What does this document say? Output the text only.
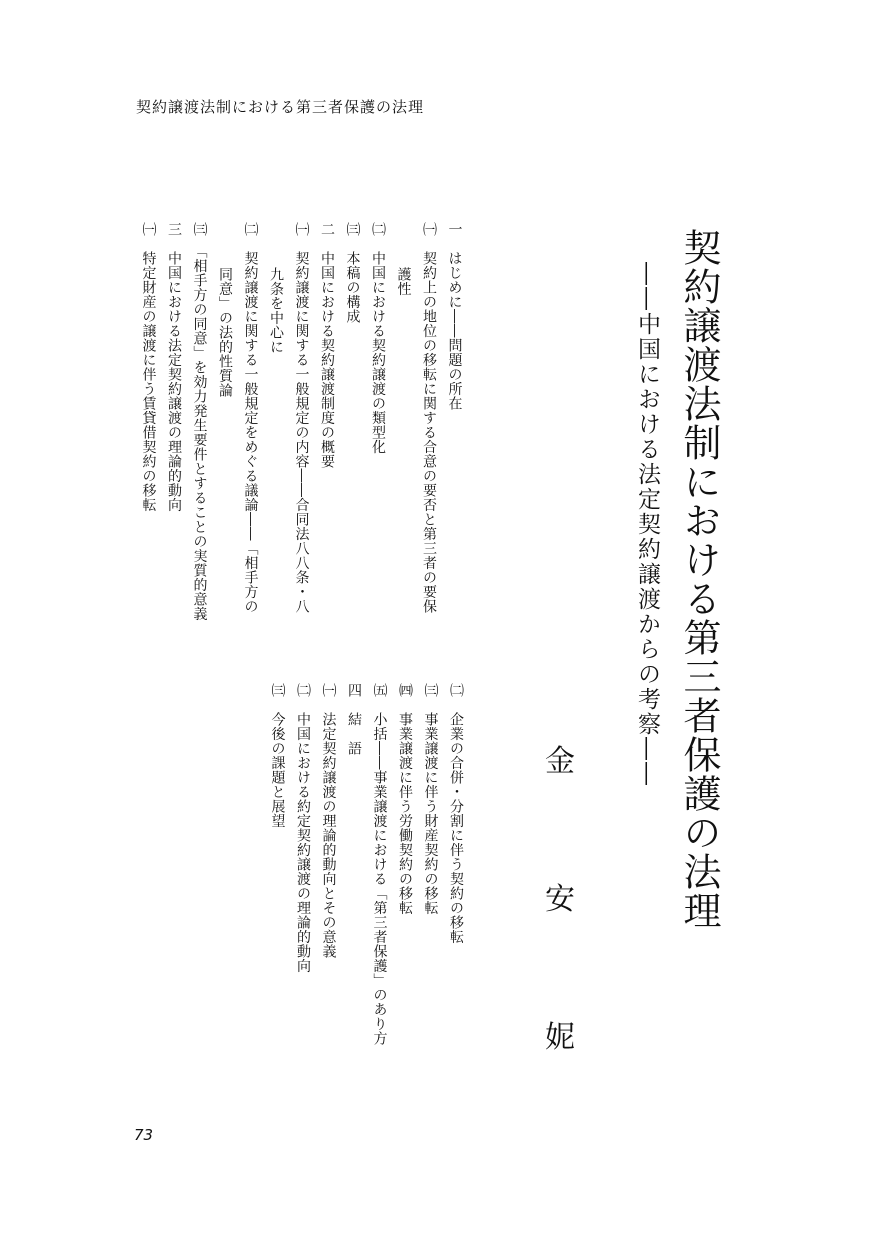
契約譲渡法制における第三者保護の法理
契約譲渡法制における第三者保護の法理
――中国における法定契約譲渡からの考察――
金
安
妮
一　はじめに――問題の所在
㈠　契約上の地位の移転に関する合意の要否と第三者の要保
護性
㈡　中国における契約譲渡の類型化
㈢　本稿の構成
二　中国における契約譲渡制度の概要
㈠　契約譲渡に関する一般規定の内容――合同法八八条・八
九条を中心に
㈡　契約譲渡に関する一般規定をめぐる議論――「相手方の
同意」の法的性質論
㈢　「相手方の同意」を効力発生要件とすることの実質的意義
三　中国における法定契約譲渡の理論的動向
㈠　特定財産の譲渡に伴う賃貸借契約の移転
㈡　企業の合併・分割に伴う契約の移転
㈢　事業譲渡に伴う財産契約の移転
㈣　事業譲渡に伴う労働契約の移転
㈤　小括――事業譲渡における「第三者保護」のあり方
四　結　語
㈠　法定契約譲渡の理論的動向とその意義
㈡　中国における約定契約譲渡の理論的動向
㈢　今後の課題と展望
73
